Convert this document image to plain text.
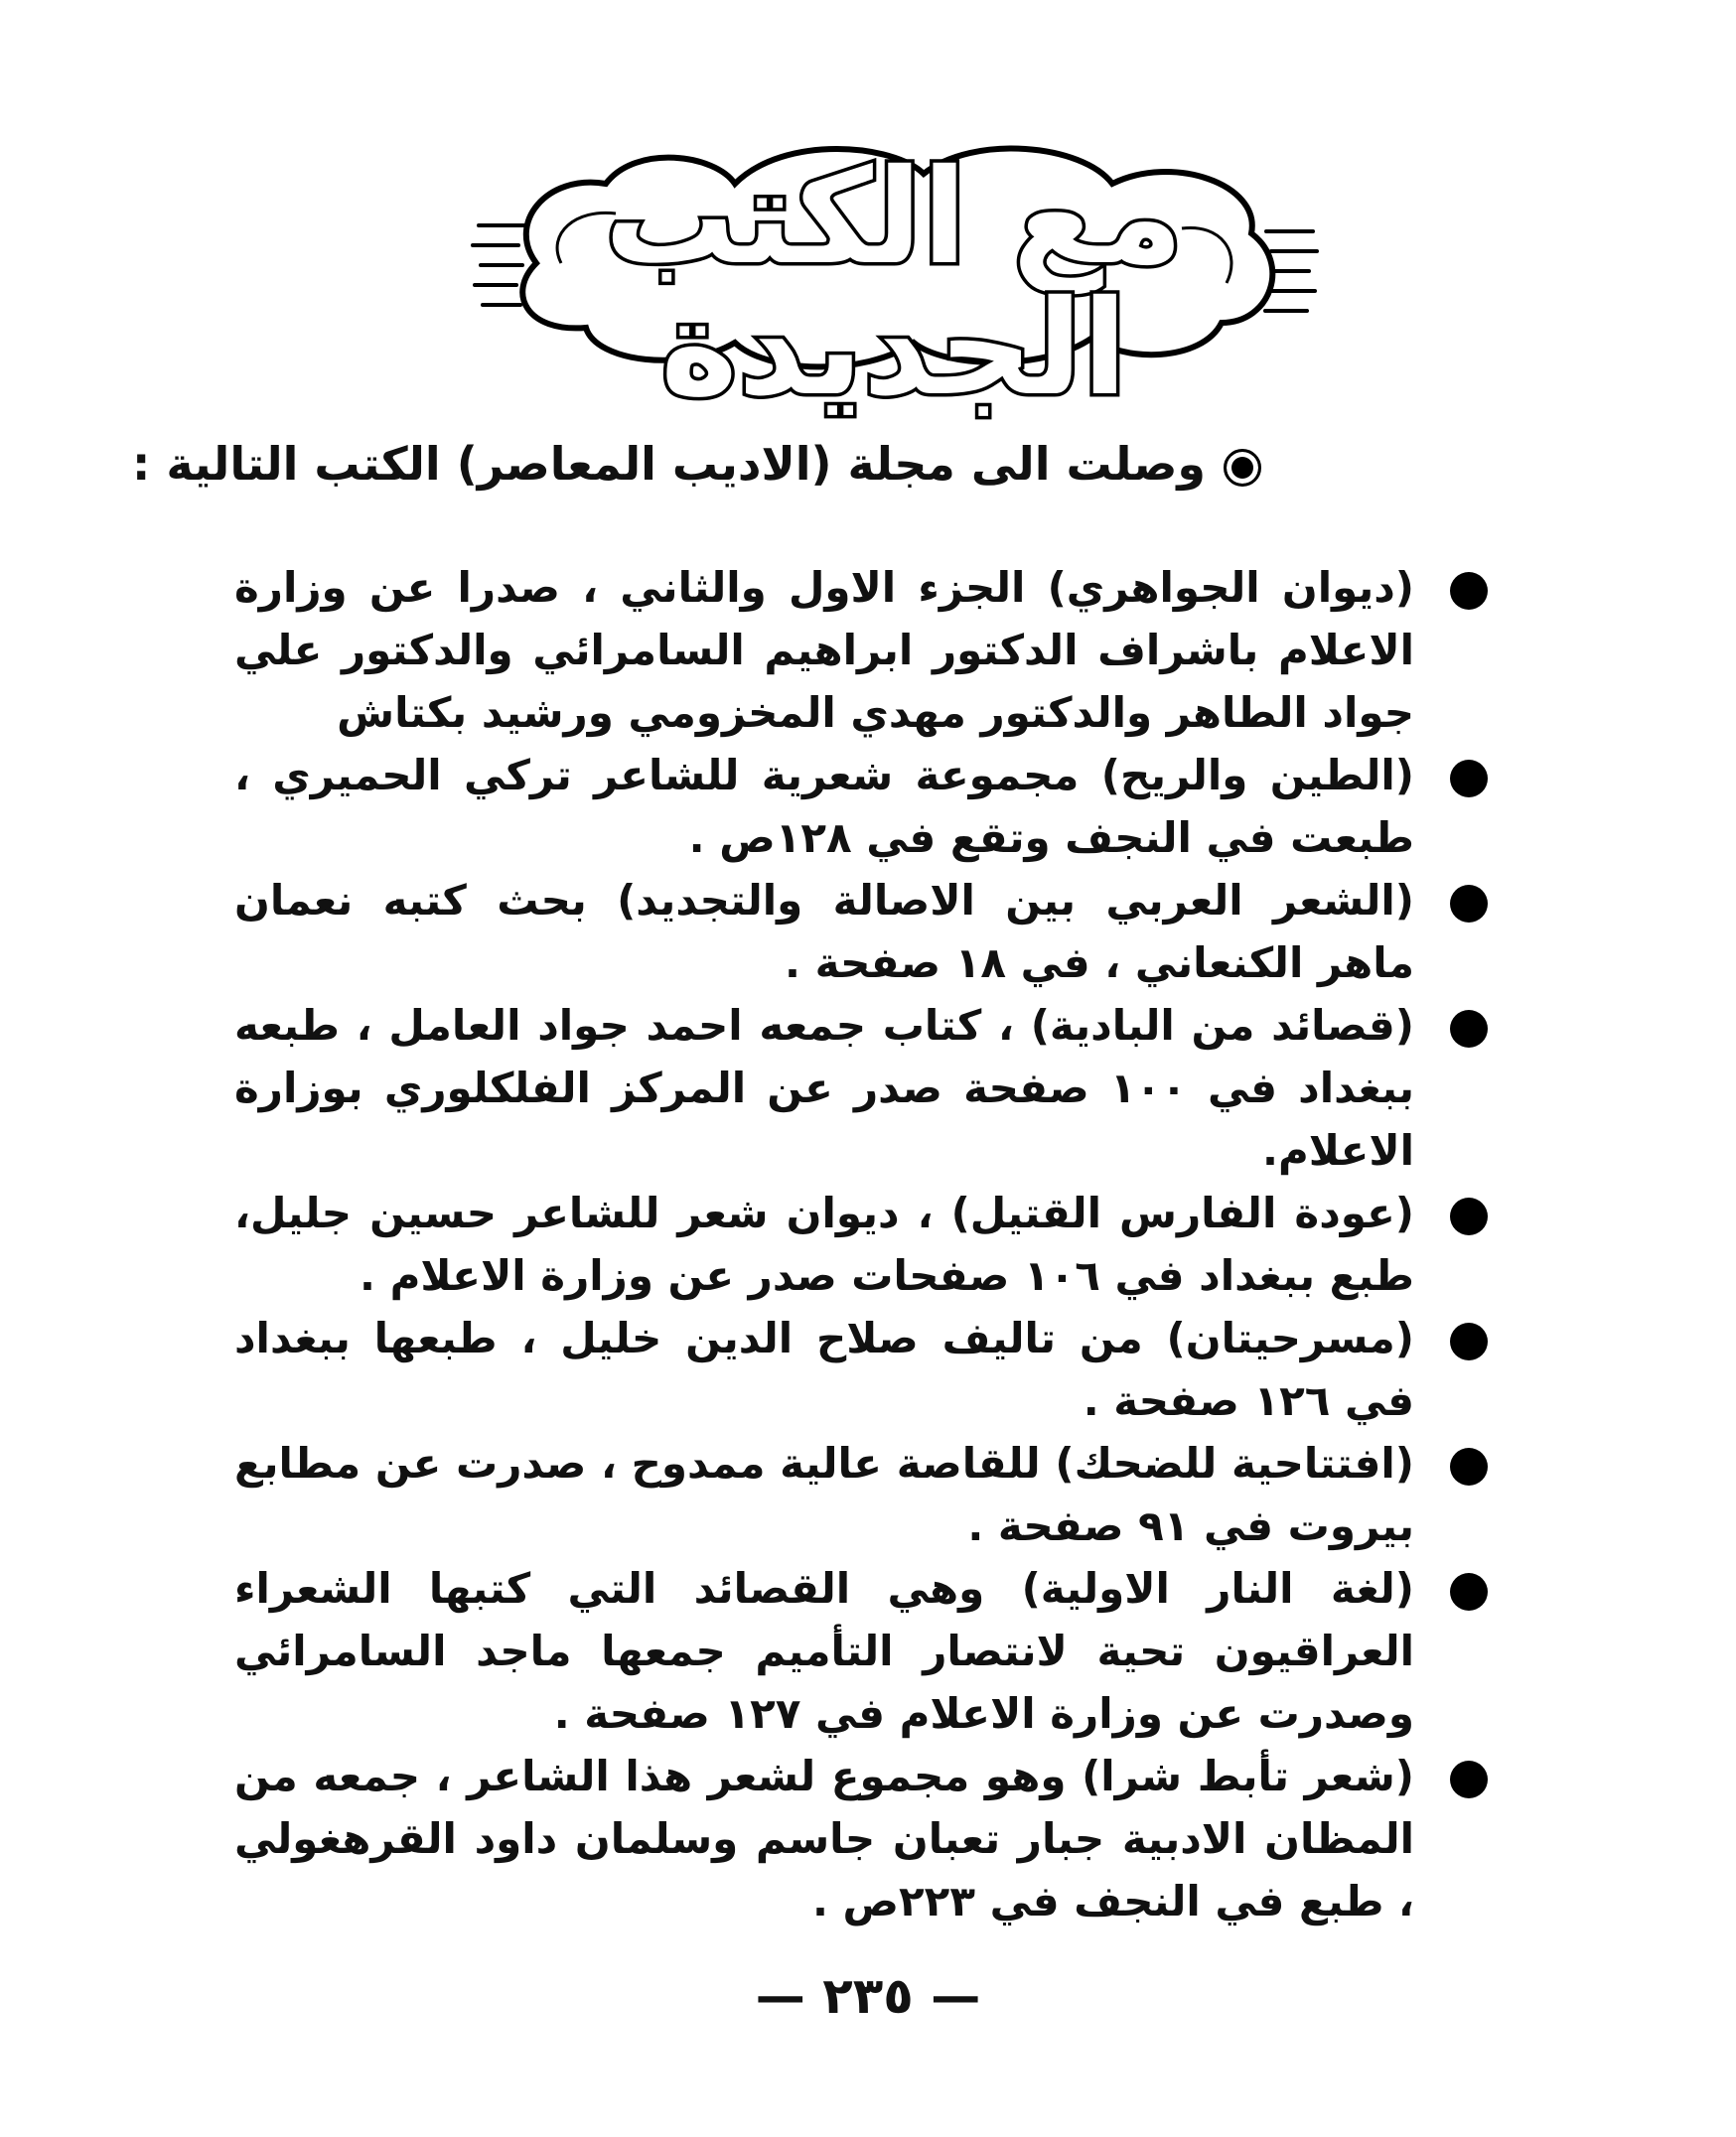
مع الكتب الجديدة
وصلت الى مجلة (الاديب المعاصر) الكتب التالية :
(ديوان الجواهري) الجزء الاول والثاني ، صدرا عن وزارة الاعلام باشراف الدكتور ابراهيم السامرائي والدكتور علي جواد الطاهر والدكتور مهدي المخزومي ورشيد بكتاش
(الطين والريح) مجموعة شعرية للشاعر تركي الحميري ، طبعت في النجف وتقع في ١٢٨ص .
(الشعر العربي بين الاصالة والتجديد) بحث كتبه نعمان ماهر الكنعاني ، في ١٨ صفحة .
(قصائد من البادية) ، كتاب جمعه احمد جواد العامل ، طبعه ببغداد في ١٠٠ صفحة صدر عن المركز الفلكلوري بوزارة الاعلام.
(عودة الفارس القتيل) ، ديوان شعر للشاعر حسين جليل، طبع ببغداد في ١٠٦ صفحات صدر عن وزارة الاعلام .
(مسرحيتان) من تاليف صلاح الدين خليل ، طبعها ببغداد في ١٢٦ صفحة .
(افتتاحية للضحك) للقاصة عالية ممدوح ، صدرت عن مطابع بيروت في ٩١ صفحة .
(لغة النار الاولية) وهي القصائد التي كتبها الشعراء العراقيون تحية لانتصار التأميم جمعها ماجد السامرائي وصدرت عن وزارة الاعلام في ١٢٧ صفحة .
(شعر تأبط شرا) وهو مجموع لشعر هذا الشاعر ، جمعه من المظان الادبية جبار تعبان جاسم وسلمان داود القرهغولي ، طبع في النجف في ٢٢٣ص .
— ٢٣٥ —
